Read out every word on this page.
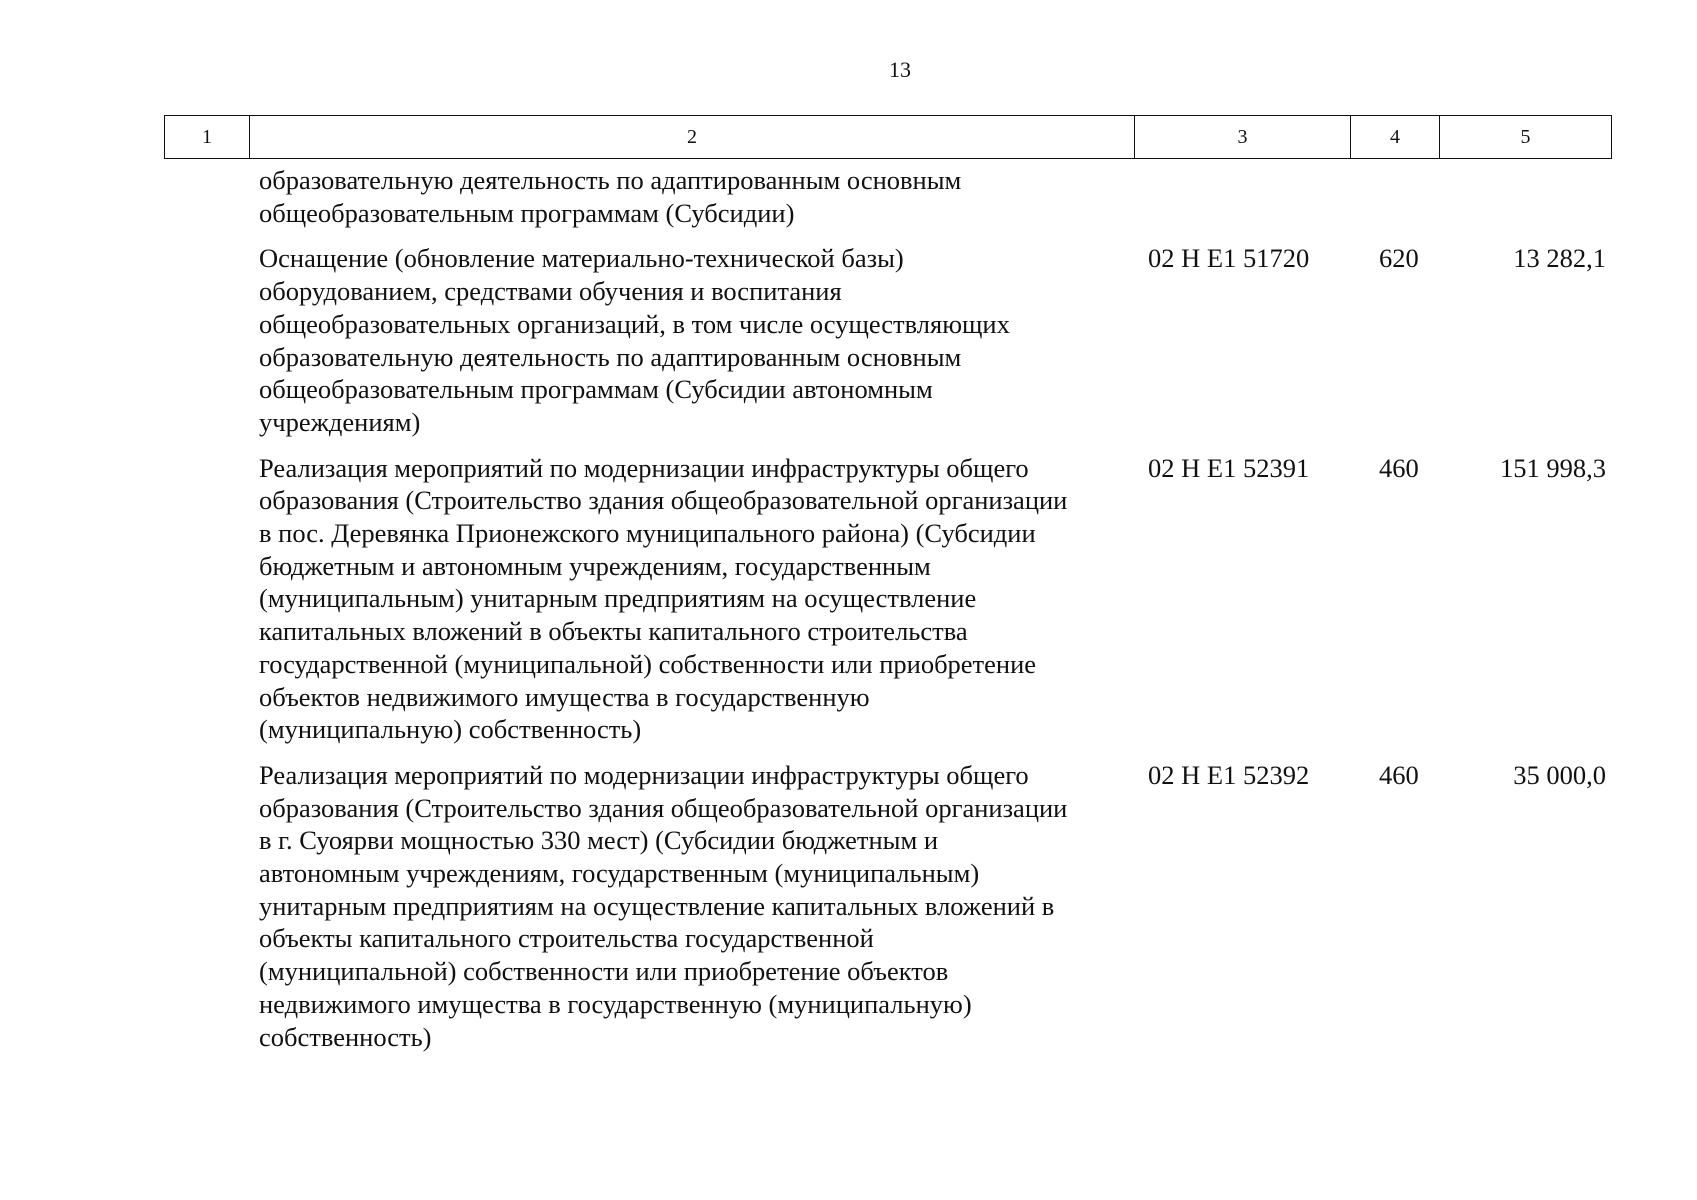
13
1	2	3	4	5
образовательную деятельность по адаптированным основным
общеобразовательным программам (Субсидии)
Оснащение (обновление материально-технической базы)
оборудованием, средствами обучения и воспитания
общеобразовательных организаций, в том числе осуществляющих
образовательную деятельность по адаптированным основным
общеобразовательным программам (Субсидии автономным
учреждениям)
02 Н Е1 51720	620	13 282,1
Реализация мероприятий по модернизации инфраструктуры общего
образования (Строительство здания общеобразовательной организации
в пос. Деревянка Прионежского муниципального района) (Субсидии
бюджетным и автономным учреждениям, государственным
(муниципальным) унитарным предприятиям на осуществление
капитальных вложений в объекты капитального строительства
государственной (муниципальной) собственности или приобретение
объектов недвижимого имущества в государственную
(муниципальную) собственность)
02 Н Е1 52391	460	151 998,3
Реализация мероприятий по модернизации инфраструктуры общего
образования (Строительство здания общеобразовательной организации
в г. Суоярви мощностью 330 мест) (Субсидии бюджетным и
автономным учреждениям, государственным (муниципальным)
унитарным предприятиям на осуществление капитальных вложений в
объекты капитального строительства государственной
(муниципальной) собственности или приобретение объектов
недвижимого имущества в государственную (муниципальную)
собственность)
02 Н Е1 52392	460	35 000,0
